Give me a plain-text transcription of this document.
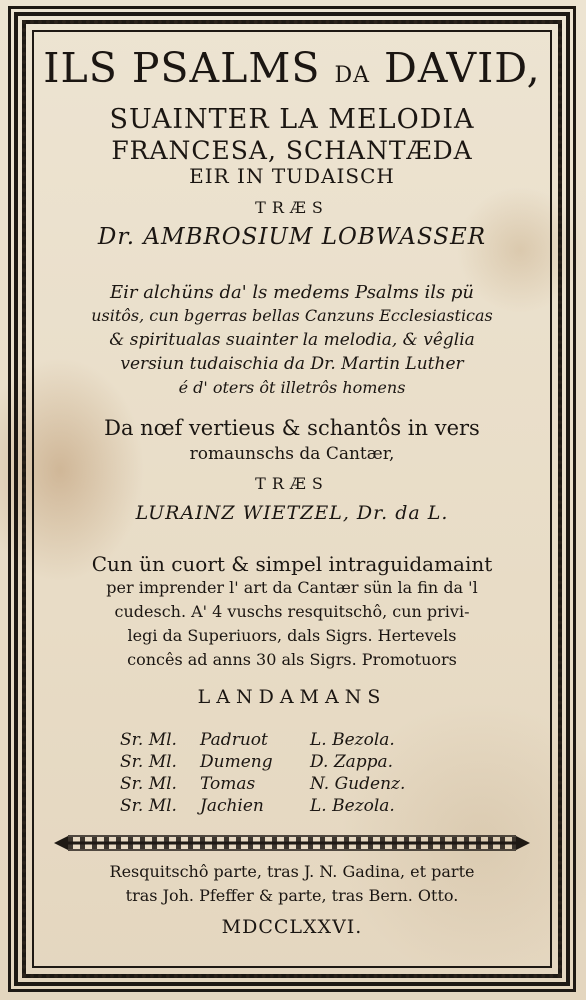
ILS PSALMS DA DAVID,
SUAINTER LA MELODIA
FRANCESA, SCHANTÆDA
EIR IN TUDAISCH
TRÆS
Dr. AMBROSIUM LOBWASSER
Eir alchüns da' ls medems Psalms ils pü
usitôs, cun bgerras bellas Canzuns Ecclesiasticas
& spiritualas suainter la melodia, & vêglia
versiun tudaischia da Dr. Martin Luther
é d' oters ôt illetrôs homens
Da nœf vertieus & schantôs in vers
romaunschs da Cantær,
TRÆS
LURAINZ WIETZEL, Dr. da L.
Cun ün cuort & simpel intraguidamaint
per imprender l' art da Cantær sün la fin da 'l
cudesch. A' 4 vuschs resquitschô, cun privi-
legi da Superiuors, dals Sigrs. Hertevels
concês ad anns 30 als Sigrs. Promotuors
LANDAMANS
Sr. Ml. Padruot L. Bezola.
Sr. Ml. Dumeng D. Zappa.
Sr. Ml. Tomas	N. Gudenz.
Sr. Ml. Jachien	L. Bezola.
Resquitschô parte, tras J. N. Gadina, et parte
tras Joh. Pfeffer & parte, tras Bern. Otto.
MDCCLXXVI.
